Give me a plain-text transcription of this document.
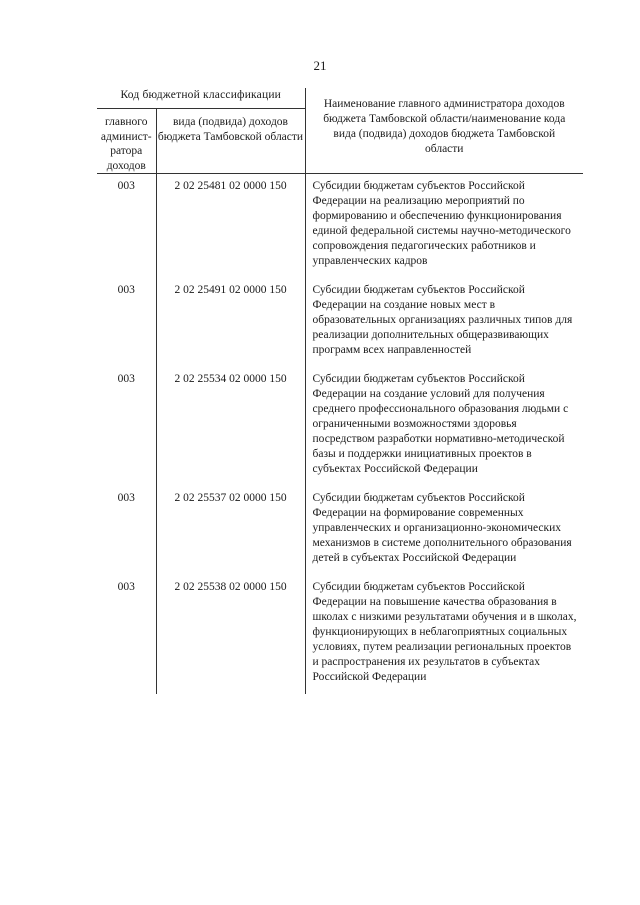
21
Код бюджетной классификации		Наименование главного администратора доходов бюджета Тамбовской области/наименование кода вида (подвида) доходов бюджета Тамбовской области
главного админист-ратора доходов	вида (подвида) доходов бюджета Тамбовской области	
003	2 02 25481 02 0000 150	Субсидии бюджетам субъектов Российской Федерации на реализацию мероприятий по формированию и обеспечению функционирования единой федеральной системы научно-методического сопровождения педагогических работников и управленческих кадров
003	2 02 25491 02 0000 150	Субсидии бюджетам субъектов Российской Федерации на создание новых мест в образовательных организациях различных типов для реализации дополнительных общеразвивающих программ всех направленностей
003	2 02 25534 02 0000 150	Субсидии бюджетам субъектов Российской Федерации на создание условий для получения среднего профессионального образования людьми с ограниченными возможностями здоровья посредством разработки нормативно-методической базы и поддержки инициативных проектов в субъектах Российской Федерации
003	2 02 25537 02 0000 150	Субсидии бюджетам субъектов Российской Федерации на формирование современных управленческих и организационно-экономических механизмов в системе дополнительного образования детей в субъектах Российской Федерации
003	2 02 25538 02 0000 150	Субсидии бюджетам субъектов Российской Федерации на повышение качества образования в школах с низкими результатами обучения и в школах, функционирующих в неблагоприятных социальных условиях, путем реализации региональных проектов и распространения их результатов в субъектах Российской Федерации
